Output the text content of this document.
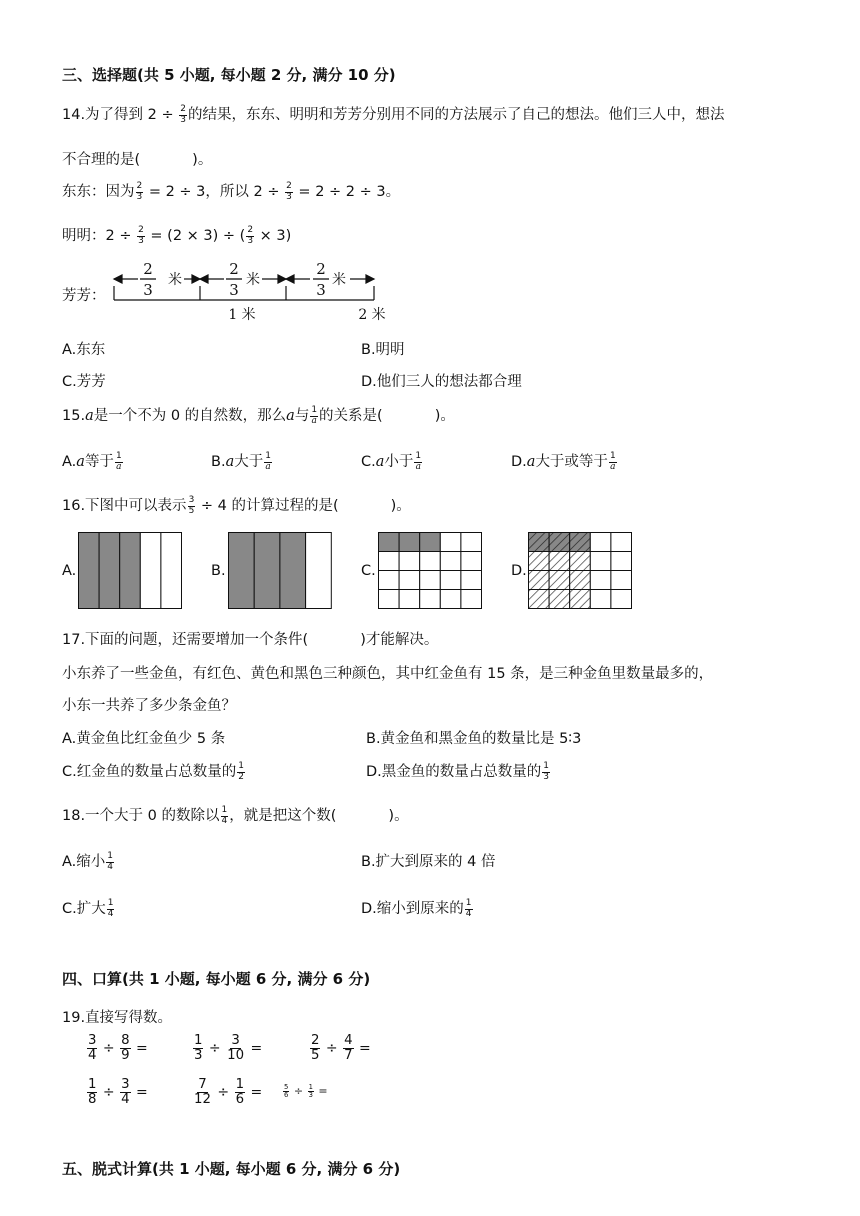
三、选择题(共 5 小题, 每小题 2 分, 满分 10 分)
14.为了得到 $2 \div \frac{2}{3}$ 的结果，东东、明明和芳芳分别用不同的方法展示了自己的想法。他们三人中，想法
不合理的是(	)。
东东：因为 $\frac{2}{3} = 2 \div 3$，所以 $2 \div \frac{2}{3} = 2 \div 2 \div 3$。
明明：$2 \div \frac{2}{3} = (2 \times 3)$ ÷ ( $\frac{2}{3} \times 3$)
芳芳：
2
3
米
2
3
米
2
3
米
1 米	2 米
A.东东	B.明明
C.芳芳	D.他们三人的想法都合理
15.a是一个不为 0 的自然数，那么a与 $\frac{1}{a}$ 的关系是(	)。
A.a等于 $\frac{1}{a}$	B.a大于 $\frac{1}{a}$	C.a小于 $\frac{1}{a}$	D.a大于或等于 $\frac{1}{a}$
16.下图中可以表示 $\frac{3}{5} \div 4$ 的计算过程的是(	)。
A.	B.	C.	D.
17.下面的问题，还需要增加一个条件(	)才能解决。
小东养了一些金鱼，有红色、黄色和黑色三种颜色，其中红金鱼有 15 条，是三种金鱼里数量最多的，
小东一共养了多少条金鱼？
A.黄金鱼比红金鱼少 5 条	B.黄金鱼和黑金鱼的数量比是 5∶3
C.红金鱼的数量占总数量的 $\frac{1}{2}$	D.黑金鱼的数量占总数量的 $\frac{1}{3}$
18.一个大于 0 的数除以 $\frac{1}{4}$ ，就是把这个数(	)。
A.缩小 $\frac{1}{4}$	B.扩大到原来的 4 倍
C.扩大 $\frac{1}{4}$	D.缩小到原来的 $\frac{1}{4}$
四、口算(共 1 小题, 每小题 6 分, 满分 6 分)
19.直接写得数。
$\frac{3}{4} \div \frac{8}{9}$ =	$\frac{1}{3} \div \frac{3}{10}$ =	$\frac{2}{5} \div \frac{4}{7}$ =
$\frac{1}{8} \div \frac{3}{4}$ =	$\frac{7}{12} \div \frac{1}{6}$ =	$\frac{5}{6} \div \frac{1}{3}$ =
五、脱式计算(共 1 小题, 每小题 6 分, 满分 6 分)
